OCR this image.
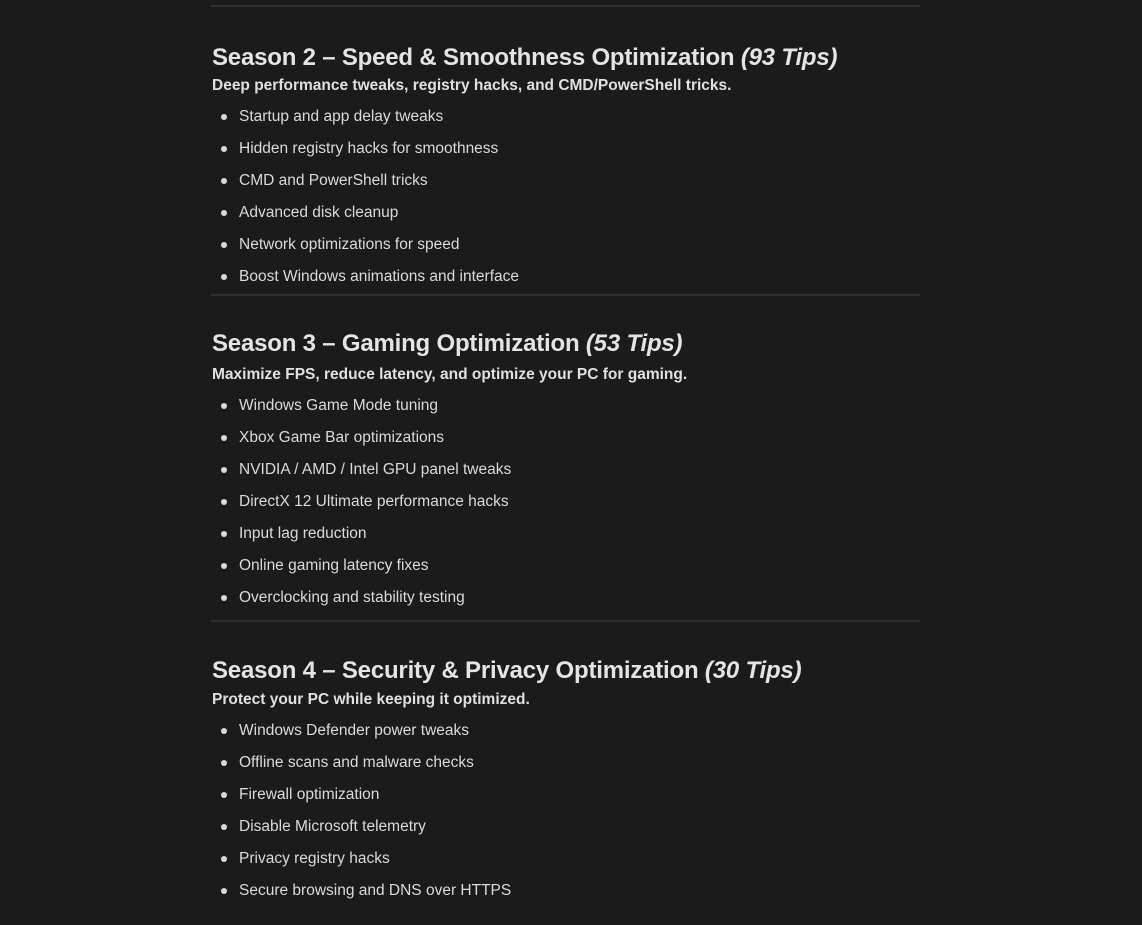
Season 2 – Speed & Smoothness Optimization (93 Tips)

Deep performance tweaks, registry hacks, and CMD/PowerShell tricks.

Startup and app delay tweaks
Hidden registry hacks for smoothness
CMD and PowerShell tricks
Advanced disk cleanup
Network optimizations for speed
Boost Windows animations and interface
Season 3 – Gaming Optimization (53 Tips)

Maximize FPS, reduce latency, and optimize your PC for gaming.

Windows Game Mode tuning
Xbox Game Bar optimizations
NVIDIA / AMD / Intel GPU panel tweaks
DirectX 12 Ultimate performance hacks
Input lag reduction
Online gaming latency fixes
Overclocking and stability testing
Season 4 – Security & Privacy Optimization (30 Tips)

Protect your PC while keeping it optimized.

Windows Defender power tweaks
Offline scans and malware checks
Firewall optimization
Disable Microsoft telemetry
Privacy registry hacks
Secure browsing and DNS over HTTPS
